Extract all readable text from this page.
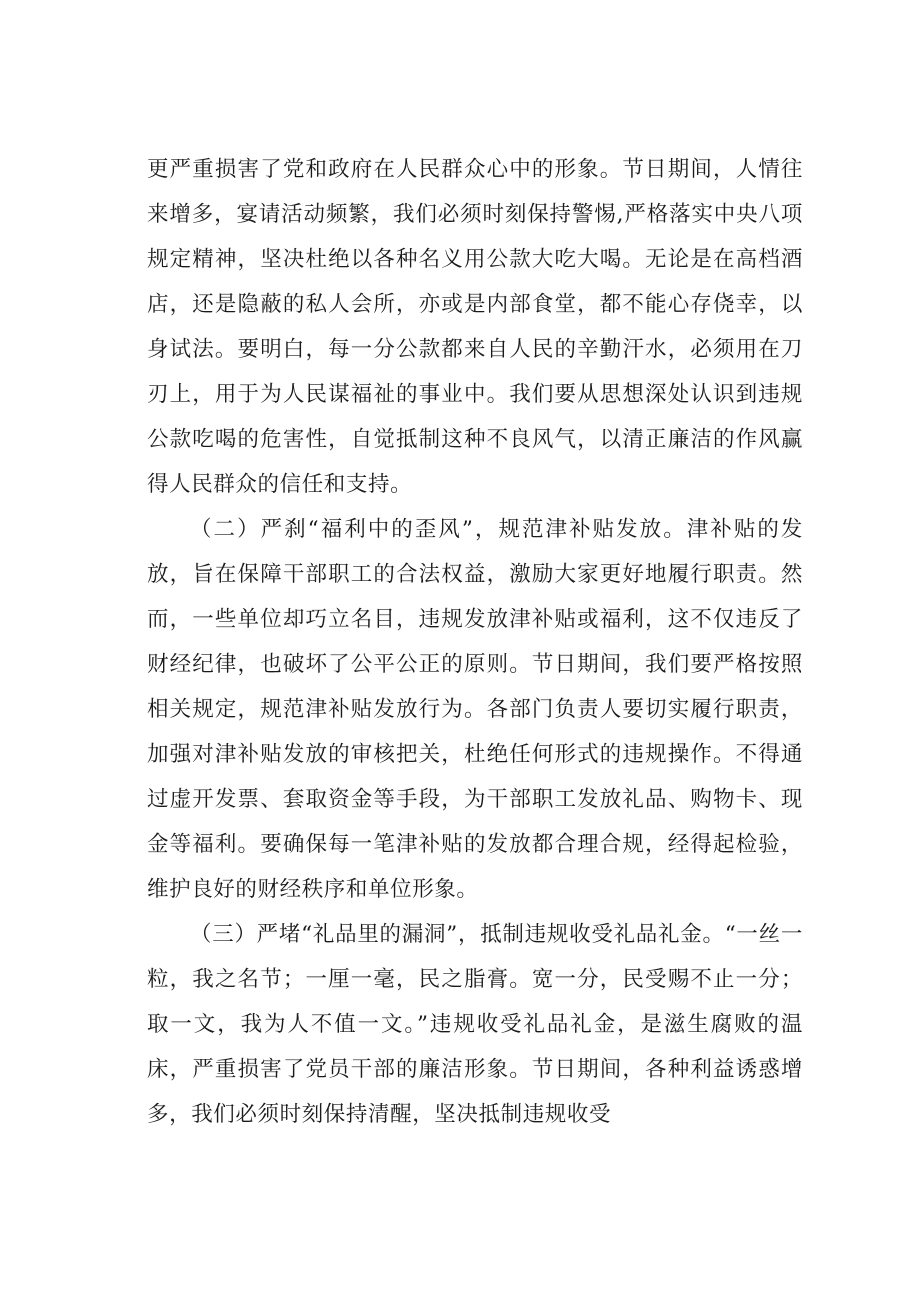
更严重损害了党和政府在人民群众心中的形象。节日期间，人情往来增多，宴请活动频繁，我们必须时刻保持警惕,严格落实中央八项规定精神，坚决杜绝以各种名义用公款大吃大喝。无论是在高档酒店，还是隐蔽的私人会所，亦或是内部食堂，都不能心存侥幸，以身试法。要明白，每一分公款都来自人民的辛勤汗水，必须用在刀刃上，用于为人民谋福祉的事业中。我们要从思想深处认识到违规公款吃喝的危害性，自觉抵制这种不良风气，以清正廉洁的作风赢得人民群众的信任和支持。

（二）严刹“福利中的歪风”，规范津补贴发放。津补贴的发放，旨在保障干部职工的合法权益，激励大家更好地履行职责。然而，一些单位却巧立名目，违规发放津补贴或福利，这不仅违反了财经纪律，也破坏了公平公正的原则。节日期间，我们要严格按照相关规定，规范津补贴发放行为。各部门负责人要切实履行职责，加强对津补贴发放的审核把关，杜绝任何形式的违规操作。不得通过虚开发票、套取资金等手段，为干部职工发放礼品、购物卡、现金等福利。要确保每一笔津补贴的发放都合理合规，经得起检验，维护良好的财经秩序和单位形象。

（三）严堵“礼品里的漏洞”，抵制违规收受礼品礼金。“一丝一粒，我之名节；一厘一毫，民之脂膏。宽一分，民受赐不止一分；取一文，我为人不值一文。”违规收受礼品礼金，是滋生腐败的温床，严重损害了党员干部的廉洁形象。节日期间，各种利益诱惑增多，我们必须时刻保持清醒，坚决抵制违规收受
